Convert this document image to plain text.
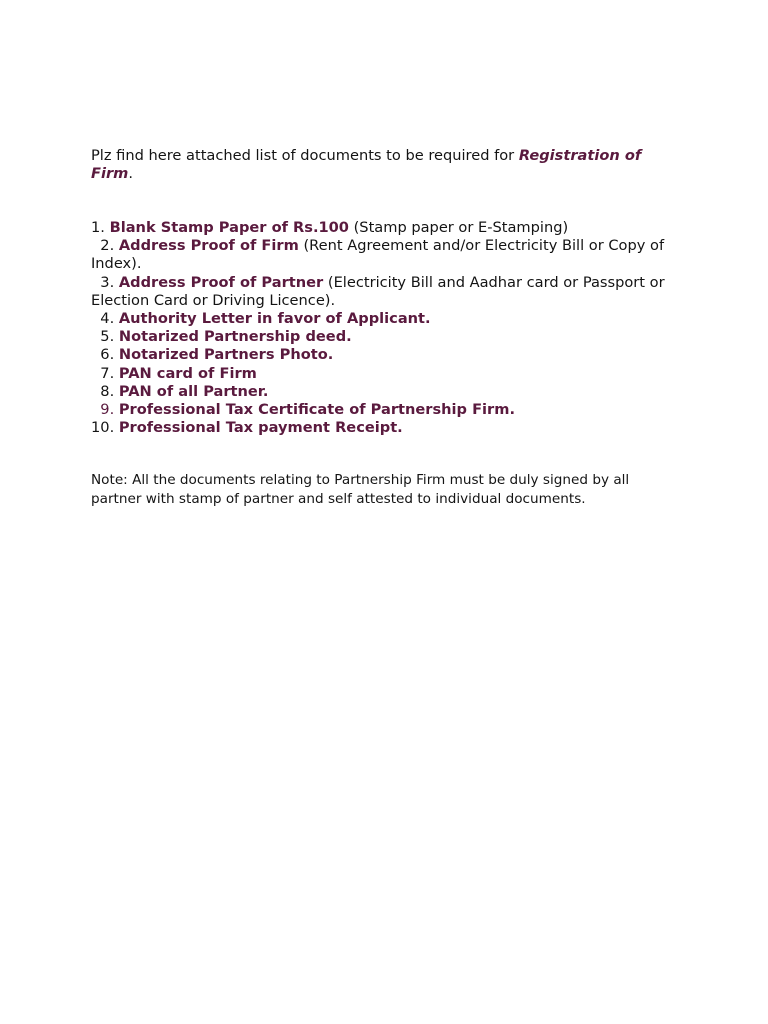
Plz find here attached list of documents to be required for Registration of Firm.

1. Blank Stamp Paper of Rs.100 (Stamp paper or E-Stamping)
2. Address Proof of Firm (Rent Agreement and/or Electricity Bill or Copy of Index).
3. Address Proof of Partner (Electricity Bill and Aadhar card or Passport or Election Card or Driving Licence).
4. Authority Letter in favor of Applicant.
5. Notarized Partnership deed.
6. Notarized Partners Photo.
7. PAN card of Firm
8. PAN of all Partner.
9. Professional Tax Certificate of Partnership Firm.
10. Professional Tax payment Receipt.

Note: All the documents relating to Partnership Firm must be duly signed by all partner with stamp of partner and self attested to individual documents.
